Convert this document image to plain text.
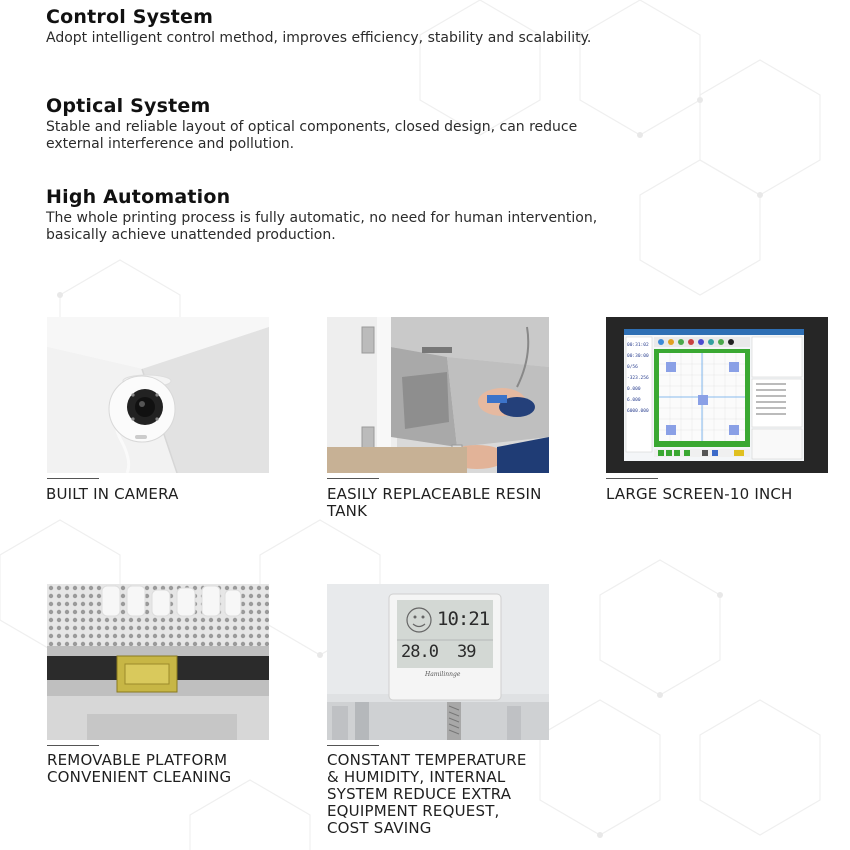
Control System

Adopt intelligent control method, improves efficiency, stability and scalability.

Optical System

Stable and reliable layout of optical components, closed design, can reduce external interference and pollution.

High Automation

The whole printing process is fully automatic, no need for human intervention, basically achieve unattended production.

BUILT IN CAMERA	EASILY REPLACEABLE RESIN TANK
00:31:02
00:30:00
0/56
-323.256
0.000
6.000
6000.000
LARGE SCREEN-10 INCH
REMOVABLE PLATFORM CONVENIENT CLEANING
10:21
28.0 39
Hamilinnge
CONSTANT TEMPERATURE & HUMIDITY, INTERNAL SYSTEM REDUCE EXTRA EQUIPMENT REQUEST, COST SAVING
